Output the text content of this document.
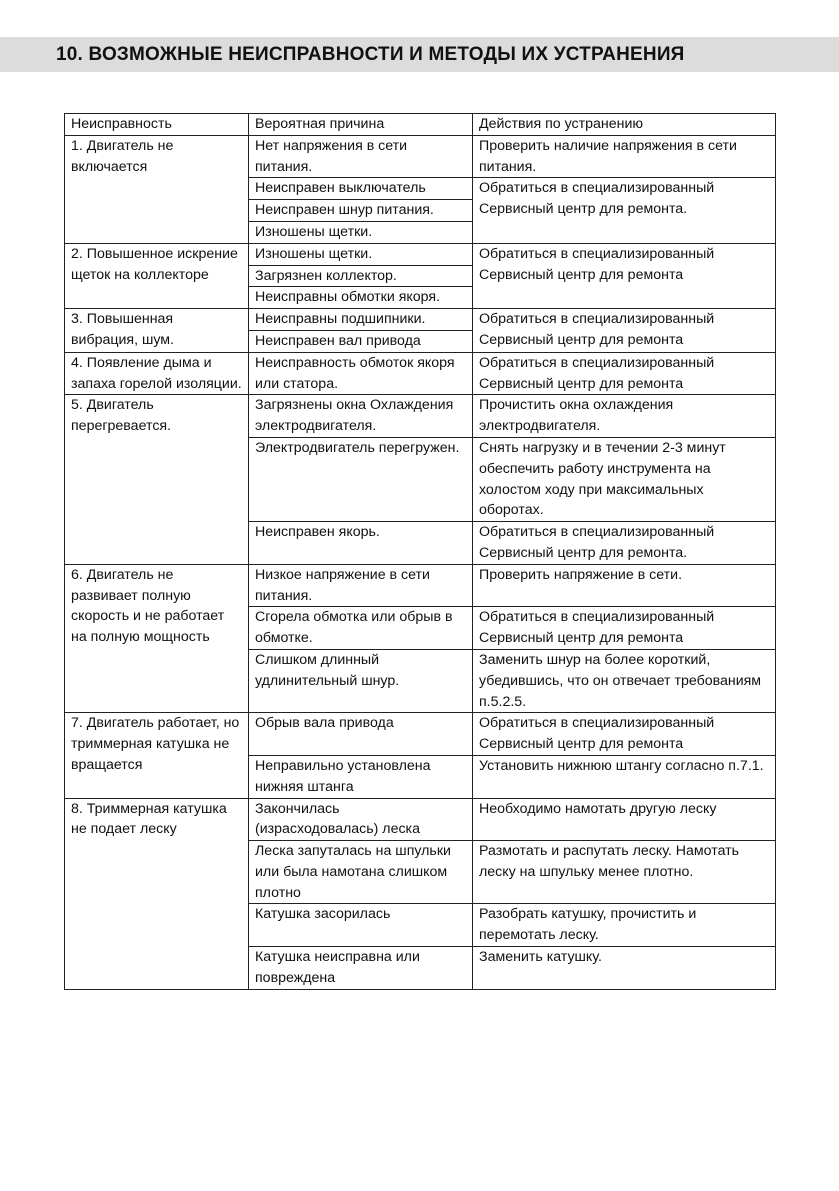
10. ВОЗМОЖНЫЕ НЕИСПРАВНОСТИ И МЕТОДЫ ИХ УСТРАНЕНИЯ
Неисправность	Вероятная причина	Действия по устранению
1. Двигатель не включается	Нет напряжения в сети питания.	Проверить наличие напряжения в сети питания.
	Неисправен выключатель	Обратиться в специализированный Сервисный центр для ремонта.
	Неисправен шнур питания.	
	Изношены щетки.	
2. Повышенное искрение щеток на коллекторе	Изношены щетки.	Обратиться в специализированный Сервисный центр для ремонта
	Загрязнен коллектор.	
	Неисправны обмотки якоря.	
3. Повышенная вибрация, шум.	Неисправны подшипники.	Обратиться в специализированный Сервисный центр для ремонта
	Неисправен вал привода	
4. Появление дыма и запаха горелой изоляции.	Неисправность обмоток якоря или статора.	Обратиться в специализированный Сервисный центр для ремонта
5. Двигатель перегревается.	Загрязнены окна Охлаждения электродвигателя.	Прочистить окна охлаждения электродвигателя.
	Электродвигатель перегружен.	Снять нагрузку и в течении 2-3 минут обеспечить работу инструмента на холостом ходу при максимальных оборотах.
	Неисправен якорь.	Обратиться в специализированный Сервисный центр для ремонта.
6. Двигатель не развивает полную скорость и не работает на полную мощность	Низкое напряжение в сети питания.	Проверить напряжение в сети.
	Сгорела обмотка или обрыв в обмотке.	Обратиться в специализированный Сервисный центр для ремонта
	Слишком длинный удлинительный шнур.	Заменить шнур на более короткий, убедившись, что он отвечает требованиям п.5.2.5.
7. Двигатель работает, но триммерная катушка не вращается	Обрыв вала привода	Обратиться в специализированный Сервисный центр для ремонта
	Неправильно установлена нижняя штанга	Установить нижнюю штангу согласно п.7.1.
8. Триммерная катушка не подает леску	Закончилась (израсходовалась) леска	Необходимо намотать другую леску
	Леска запуталась на шпульки или была намотана слишком плотно	Размотать и распутать леску. Намотать леску на шпульку менее плотно.
	Катушка засорилась	Разобрать катушку, прочистить и перемотать леску.
	Катушка неисправна или повреждена	Заменить катушку.
